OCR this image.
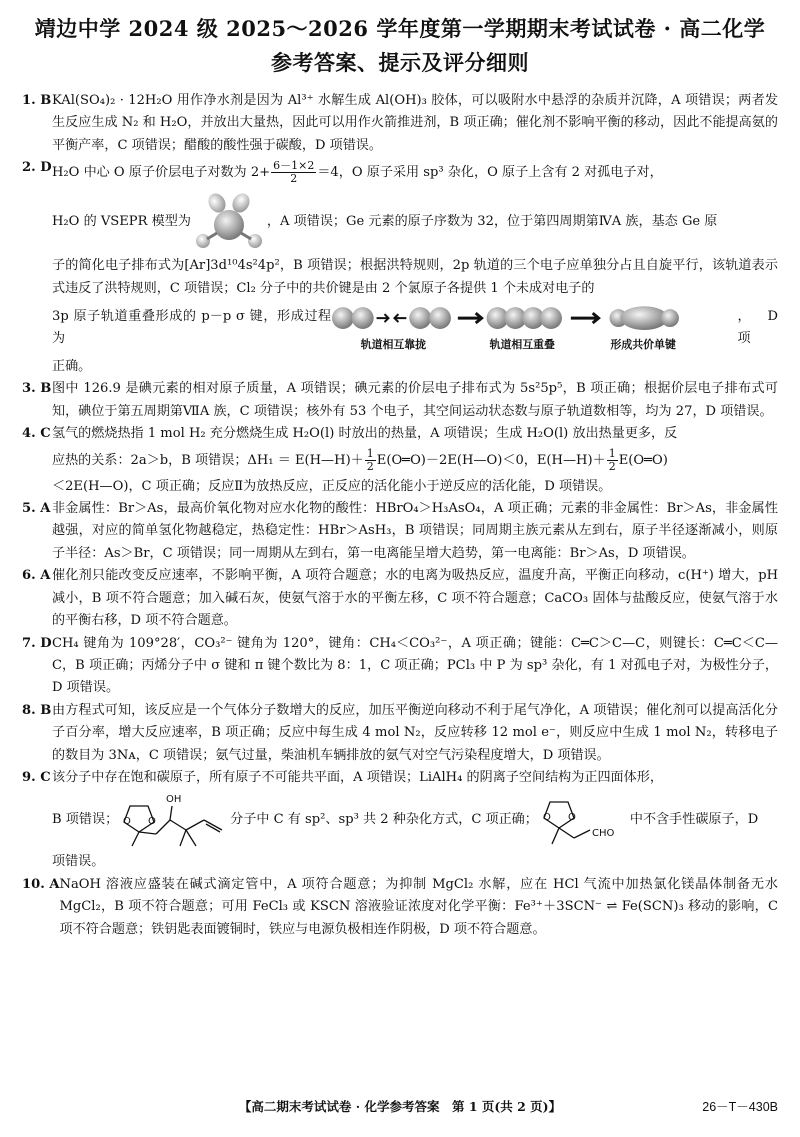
靖边中学 2024 级 2025～2026 学年度第一学期期末考试试卷 · 高二化学
参考答案、提示及评分细则
1. B KAl(SO₄)₂ · 12H₂O 用作净水剂是因为 Al³⁺ 水解生成 Al(OH)₃ 胶体，可以吸附水中悬浮的杂质并沉降，A 项错误；两者发生反应生成 N₂ 和 H₂O，并放出大量热，因此可以用作火箭推进剂，B 项正确；催化剂不影响平衡的移动，因此不能提高氨的平衡产率，C 项错误；醋酸的酸性强于碳酸，D 项错误。

2. D H₂O 中心 O 原子价层电子对数为 $2+ \frac{6-1\times 2}{2} =4$，O 原子采用 sp³ 杂化，O 原子上含有 2 对孤电子对，

H₂O 的 VSEPR 模型为	，A 项错误；Ge 元素的原子序数为 32，位于第四周期第ⅣA 族，基态 Ge 原

子的简化电子排布式为[Ar]3d¹⁰4s²4p²，B 项错误；根据洪特规则，2p 轨道的三个电子应单独分占且自旋平行，该轨道表示式违反了洪特规则，C 项错误；Cl₂ 分子中的共价键是由 2 个氯原子各提供 1 个未成对电子的

3p 原子轨道重叠形成的 p－p σ 键，形成过程为	轨道相互靠拢	轨道相互重叠	形成共价单键
，D 项

正确。

3. B 图中 126.9 是碘元素的相对原子质量，A 项错误；碘元素的价层电子排布式为 5s²5p⁵，B 项正确；根据价层电子排布式可知，碘位于第五周期第ⅦA 族，C 项错误；核外有 53 个电子，其空间运动状态数与原子轨道数相等，均为 27，D 项错误。

4. C 氢气的燃烧热指 1 mol H₂ 充分燃烧生成 H₂O(l) 时放出的热量，A 项错误；生成 H₂O(l) 放出热量更多，反

应热的关系：2a＞b，B 项错误；ΔH₁ ＝ E(H—H)＋ $\frac{1}{2}$ E(O═O)－2E(H—O)＜0，E(H—H)＋ $\frac{1}{2}$ E(O═O)

＜2E(H—O)，C 项正确；反应Ⅱ为放热反应，正反应的活化能小于逆反应的活化能，D 项错误。

5. A 非金属性：Br＞As，最高价氧化物对应水化物的酸性：HBrO₄＞H₃AsO₄，A 项正确；元素的非金属性：Br＞As，非金属性越强，对应的简单氢化物越稳定，热稳定性：HBr＞AsH₃，B 项错误；同周期主族元素从左到右，原子半径逐渐减小，则原子半径：As＞Br，C 项错误；同一周期从左到右，第一电离能呈增大趋势，第一电离能：Br＞As，D 项错误。

6. A 催化剂只能改变反应速率，不影响平衡，A 项符合题意；水的电离为吸热反应，温度升高，平衡正向移动，c(H⁺) 增大，pH 减小，B 项不符合题意；加入碱石灰，使氨气溶于水的平衡左移，C 项不符合题意；CaCO₃ 固体与盐酸反应，使氨气溶于水的平衡右移，D 项不符合题意。

7. D CH₄ 键角为 109°28′，CO₃²⁻ 键角为 120°，键角：CH₄＜CO₃²⁻，A 项正确；键能：C═C＞C—C，则键长：C═C＜C—C，B 项正确；丙烯分子中 σ 键和 π 键个数比为 8：1，C 项正确；PCl₃ 中 P 为 sp³ 杂化，有 1 对孤电子对，为极性分子，D 项错误。

8. B 由方程式可知，该反应是一个气体分子数增大的反应，加压平衡逆向移动不利于尾气净化，A 项错误；催化剂可以提高活化分子百分率，增大反应速率，B 项正确；反应中每生成 4 mol N₂，反应转移 12 mol e⁻，则反应中生成 1 mol N₂，转移电子的数目为 3Nᴀ，C 项错误；氨气过量，柴油机车辆排放的氨气对空气污染程度增大，D 项错误。

9. C 该分子中存在饱和碳原子，所有原子不可能共平面，A 项错误；LiAlH₄ 的阴离子空间结构为正四面体形，

B 项错误； O O
OH
分子中 C 有 sp²、sp³ 共 2 种杂化方式，C 项正确； O O
CHO
中不含手性碳原子，D

项错误。

10. A NaOH 溶液应盛装在碱式滴定管中，A 项符合题意；为抑制 MgCl₂ 水解，应在 HCl 气流中加热氯化镁晶体制备无水 MgCl₂，B 项不符合题意；可用 FeCl₃ 或 KSCN 溶液验证浓度对化学平衡：Fe³⁺＋3SCN⁻ ⇌ Fe(SCN)₃ 移动的影响，C 项不符合题意；铁钥匙表面镀铜时，铁应与电源负极相连作阴极，D 项不符合题意。

【高二期末考试试卷 · 化学参考答案　第 1 页(共 2 页)】	26－T－430B
